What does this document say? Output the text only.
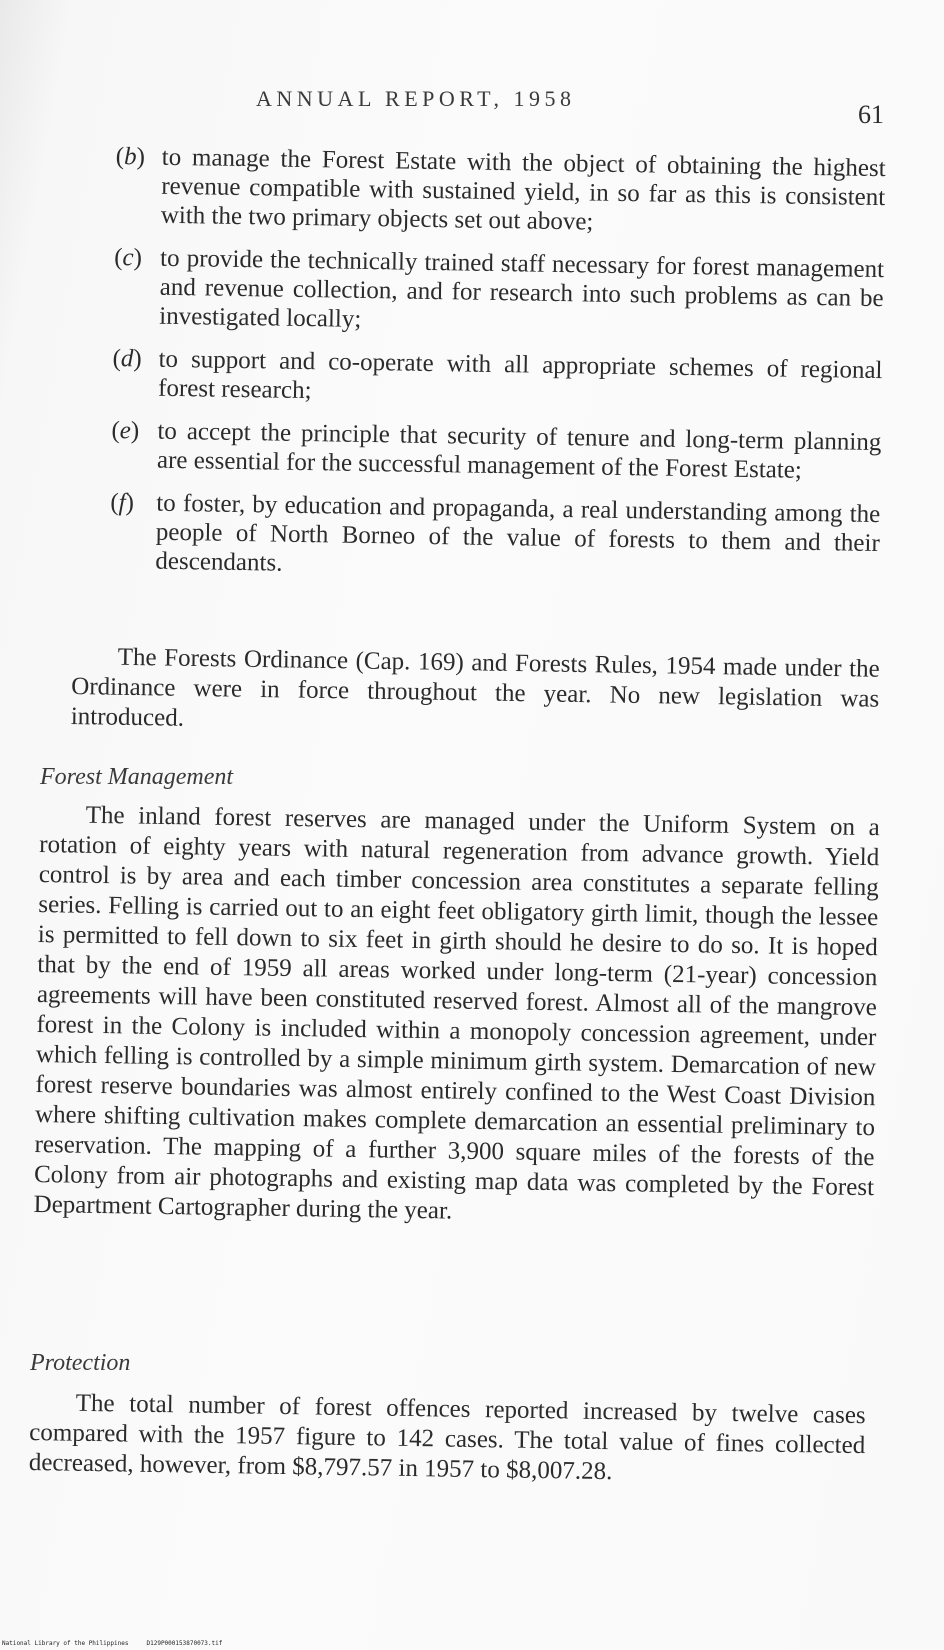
ANNUAL REPORT, 1958
61
(b) to manage the Forest Estate with the object of obtaining the highest revenue compatible with sustained yield, in so far as this is consistent with the two primary objects set out above;
(c) to provide the technically trained staff necessary for forest management and revenue collection, and for research into such problems as can be investigated locally;
(d) to support and co-operate with all appropriate schemes of regional forest research;
(e) to accept the principle that security of tenure and long-term planning are essential for the successful management of the Forest Estate;
(f) to foster, by education and propaganda, a real understanding among the people of North Borneo of the value of forests to them and their descendants.

The Forests Ordinance (Cap. 169) and Forests Rules, 1954 made under the Ordinance were in force throughout the year. No new legislation was introduced.

Forest Management

The inland forest reserves are managed under the Uniform System on a rotation of eighty years with natural regeneration from advance growth. Yield control is by area and each timber concession area constitutes a separate felling series. Felling is carried out to an eight feet obligatory girth limit, though the lessee is permitted to fell down to six feet in girth should he desire to do so. It is hoped that by the end of 1959 all areas worked under long-term (21-year) concession agreements will have been constituted reserved forest. Almost all of the mangrove forest in the Colony is included within a monopoly concession agreement, under which felling is controlled by a simple minimum girth system. Demarcation of new forest reserve boundaries was almost entirely confined to the West Coast Division where shifting cultivation makes complete demarcation an essential preliminary to reservation. The mapping of a further 3,900 square miles of the forests of the Colony from air photographs and existing map data was completed by the Forest Department Cartographer during the year.

Protection

The total number of forest offences reported increased by twelve cases compared with the 1957 figure to 142 cases. The total value of fines collected decreased, however, from $8,797.57 in 1957 to $8,007.28.

National Library of the Philippines	D129P000153870073.tif
